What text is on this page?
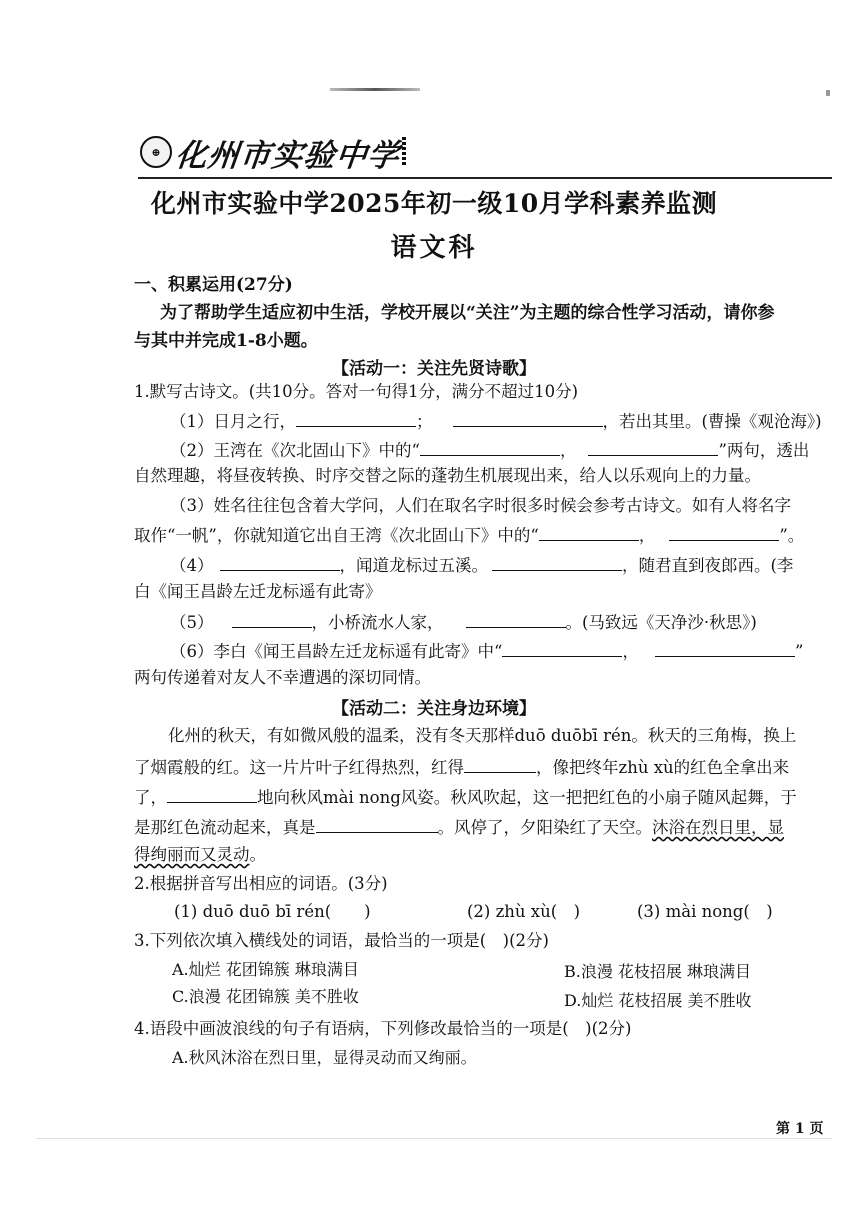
⊕ 化州市实验中学
化州市实验中学2025年初一级10月学科素养监测
语文科
一、积累运用(27分)
为了帮助学生适应初中生活，学校开展以“关注”为主题的综合性学习活动，请你参
与其中并完成1-8小题。
【活动一：关注先贤诗歌】
1.默写古诗文。(共10分。答对一句得1分，满分不超过10分)
（1）日月之行，	；	，若出其里。(曹操《观沧海》)
（2）王湾在《次北固山下》中的“	，	”两句，透出
自然理趣，将昼夜转换、时序交替之际的蓬勃生机展现出来，给人以乐观向上的力量。
（3）姓名往往包含着大学问，人们在取名字时很多时候会参考古诗文。如有人将名字
取作“一帆”，你就知道它出自王湾《次北固山下》中的“	，	”。
（4）	，闻道龙标过五溪。	，随君直到夜郎西。(李
白《闻王昌龄左迁龙标遥有此寄》
（5）	，小桥流水人家，	。(马致远《天净沙·秋思》)
（6）李白《闻王昌龄左迁龙标遥有此寄》中“	，	”
两句传递着对友人不幸遭遇的深切同情。
【活动二：关注身边环境】
化州的秋天，有如微风般的温柔，没有冬天那样duō duōbī rén。秋天的三角梅，换上
了烟霞般的红。这一片片叶子红得热烈，红得	，像把终年zhù xù的红色全拿出来
了，	地向秋风mài nong风姿。秋风吹起，这一把把红色的小扇子随风起舞，于
是那红色流动起来，真是	。风停了，夕阳染红了天空。沐浴在烈日里，显
得绚丽而又灵动。
2.根据拼音写出相应的词语。(3分)
(1) duō duō bī rén(　　)	(2) zhù xù(　)	(3) mài nong(　)
3.下列依次填入横线处的词语，最恰当的一项是(　)(2分)
A.灿烂 花团锦簇 琳琅满目	B.浪漫 花枝招展 琳琅满目
C.浪漫 花团锦簇 美不胜收	D.灿烂 花枝招展 美不胜收
4.语段中画波浪线的句子有语病，下列修改最恰当的一项是(　)(2分)
A.秋风沐浴在烈日里，显得灵动而又绚丽。
第 1 页
